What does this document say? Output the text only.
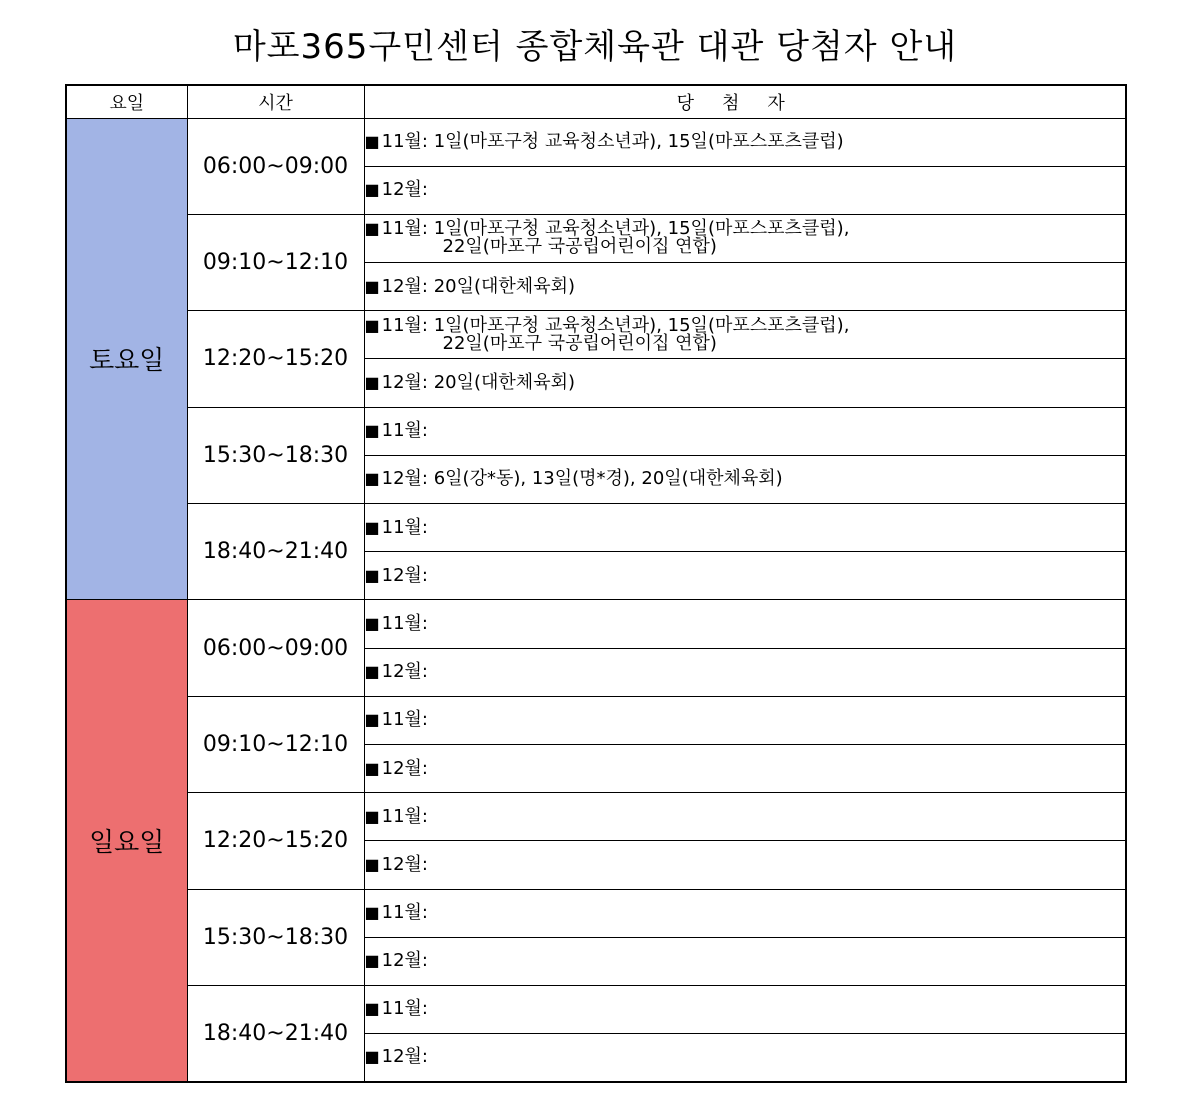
마포365구민센터 종합체육관 대관 당첨자 안내
요일	시간	당첨자
토요일	06:00~09:00	■ 11월: 1일(마포구청 교육청소년과), 15일(마포스포츠클럽)
		■ 12월:
	09:10~12:10	■ 11월: 1일(마포구청 교육청소년과), 15일(마포스포츠클럽),
22일(마포구 국공립어린이집 연합)

		■ 12월: 20일(대한체육회)
	12:20~15:20	■ 11월: 1일(마포구청 교육청소년과), 15일(마포스포츠클럽),
22일(마포구 국공립어린이집 연합)

		■ 12월: 20일(대한체육회)
	15:30~18:30	■ 11월:
		■ 12월: 6일(강*동), 13일(명*경), 20일(대한체육회)
	18:40~21:40	■ 11월:
		■ 12월:
일요일	06:00~09:00	■ 11월:
		■ 12월:
	09:10~12:10	■ 11월:
		■ 12월:
	12:20~15:20	■ 11월:
		■ 12월:
	15:30~18:30	■ 11월:
		■ 12월:
	18:40~21:40	■ 11월:
		■ 12월:
